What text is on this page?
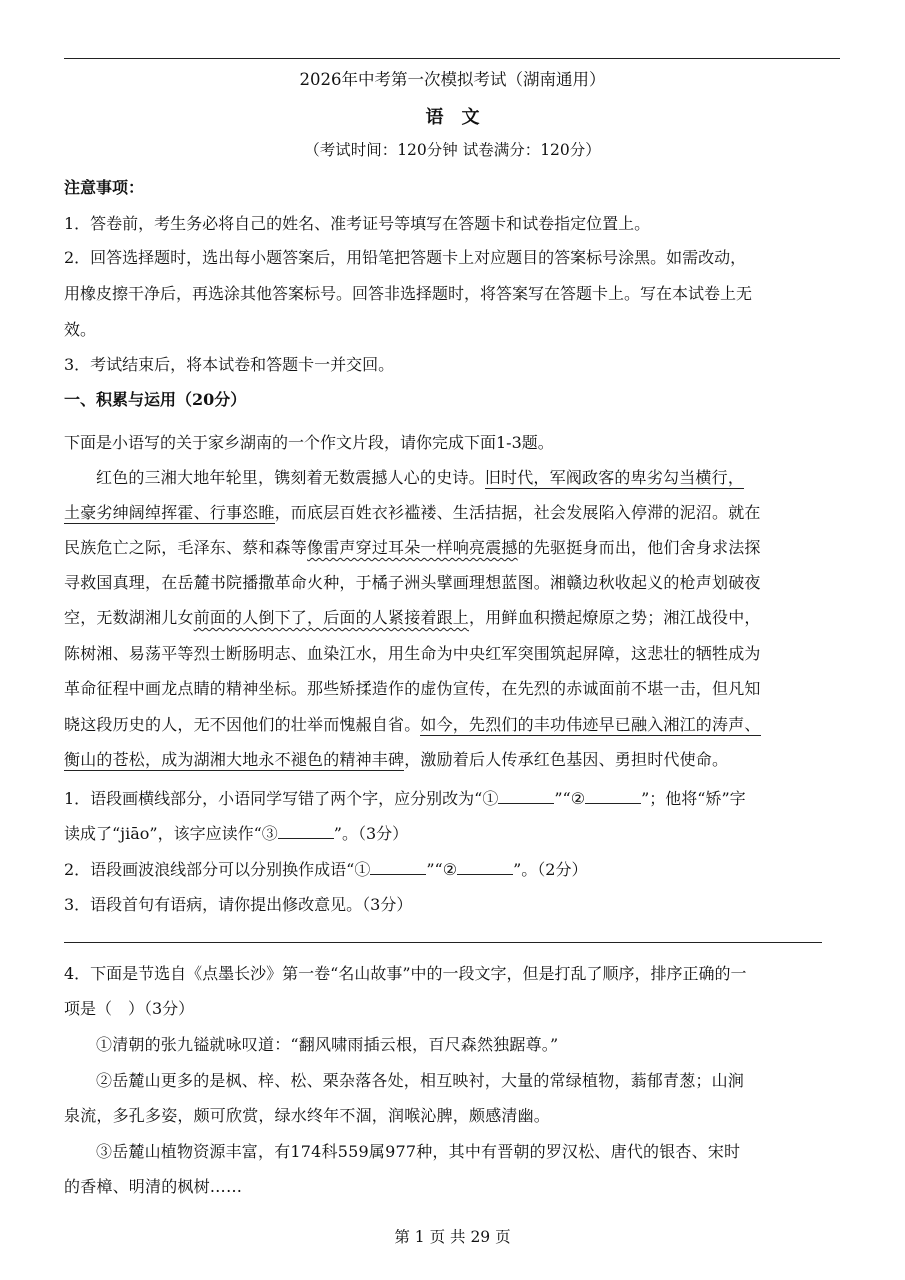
2026年中考第一次模拟考试（湖南通用）
语　文
（考试时间：120分钟 试卷满分：120分）
注意事项：
1．答卷前，考生务必将自己的姓名、准考证号等填写在答题卡和试卷指定位置上。
2．回答选择题时，选出每小题答案后，用铅笔把答题卡上对应题目的答案标号涂黑。如需改动，
用橡皮擦干净后，再选涂其他答案标号。回答非选择题时，将答案写在答题卡上。写在本试卷上无
效。
3．考试结束后，将本试卷和答题卡一并交回。
一、积累与运用（20分）
下面是小语写的关于家乡湖南的一个作文片段，请你完成下面1-3题。
红色的三湘大地年轮里，镌刻着无数震撼人心的史诗。旧时代，军阀政客的卑劣勾当横行，
土豪劣绅阔绰挥霍、行事恣睢，而底层百姓衣衫褴褛、生活拮据，社会发展陷入停滞的泥沼。就在
民族危亡之际，毛泽东、蔡和森等像雷声穿过耳朵一样响亮震撼的先驱挺身而出，他们舍身求法探
寻救国真理，在岳麓书院播撒革命火种，于橘子洲头擘画理想蓝图。湘赣边秋收起义的枪声划破夜
空，无数湖湘儿女前面的人倒下了，后面的人紧接着跟上，用鲜血积攒起燎原之势；湘江战役中，
陈树湘、易荡平等烈士断肠明志、血染江水，用生命为中央红军突围筑起屏障，这悲壮的牺牲成为
革命征程中画龙点睛的精神坐标。那些矫揉造作的虚伪宣传，在先烈的赤诚面前不堪一击，但凡知
晓这段历史的人，无不因他们的壮举而愧赧自省。如今，先烈们的丰功伟迹早已融入湘江的涛声、
衡山的苍松，成为湖湘大地永不褪色的精神丰碑，激励着后人传承红色基因、勇担时代使命。
1．语段画横线部分，小语同学写错了两个字，应分别改为“①	”“②	”；他将“矫”字
读成了“jiāo”，该字应读作“③	”。（3分）
2．语段画波浪线部分可以分别换作成语“①	”“②	”。（2分）
3．语段首句有语病，请你提出修改意见。（3分）
4．下面是节选自《点墨长沙》第一卷“名山故事”中的一段文字，但是打乱了顺序，排序正确的一
项是（　）（3分）
①清朝的张九镒就咏叹道：“翻风啸雨插云根，百尺森然独踞尊。”
②岳麓山更多的是枫、梓、松、栗杂落各处，相互映衬，大量的常绿植物，蓊郁青葱；山涧
泉流，多孔多姿，颇可欣赏，绿水终年不涸，润喉沁脾，颇感清幽。
③岳麓山植物资源丰富，有174科559属977种，其中有晋朝的罗汉松、唐代的银杏、宋时
的香樟、明清的枫树……
第 1 页 共 29 页
